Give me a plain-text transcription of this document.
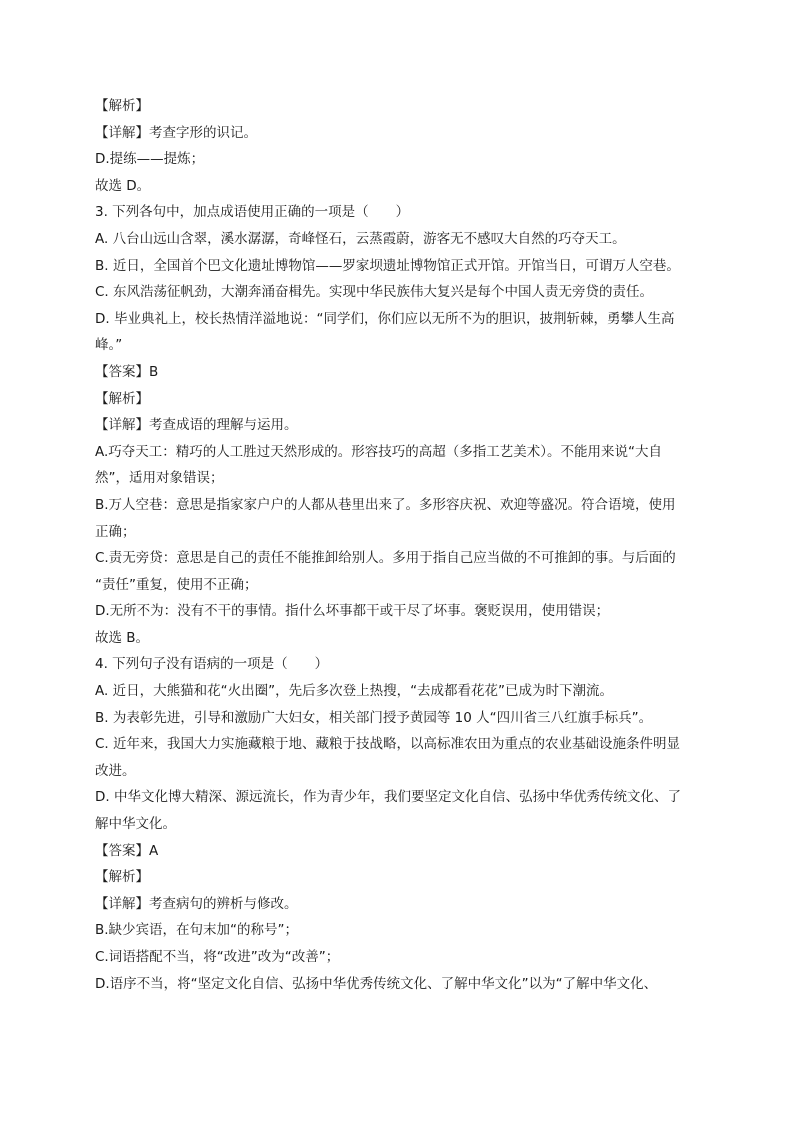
【解析】

【详解】考查字形的识记。

D.提练——提炼；

故选 D。

3. 下列各句中，加点成语使用正确的一项是（　　）

A. 八台山远山含翠，溪水潺潺，奇峰怪石，云蒸霞蔚，游客无不感叹大自然的巧夺天工。

B. 近日，全国首个巴文化遗址博物馆——罗家坝遗址博物馆正式开馆。开馆当日，可谓万人空巷。

C. 东风浩荡征帆劲，大潮奔涌奋楫先。实现中华民族伟大复兴是每个中国人责无旁贷的责任。

D. 毕业典礼上，校长热情洋溢地说：“同学们，你们应以无所不为的胆识，披荆斩棘，勇攀人生高

峰。”

【答案】B

【解析】

【详解】考查成语的理解与运用。

A.巧夺天工：精巧的人工胜过天然形成的。形容技巧的高超（多指工艺美术）。不能用来说“大自

然”，适用对象错误；

B.万人空巷：意思是指家家户户的人都从巷里出来了。多形容庆祝、欢迎等盛况。符合语境，使用

正确；

C.责无旁贷：意思是自己的责任不能推卸给别人。多用于指自己应当做的不可推卸的事。与后面的

“责任”重复，使用不正确；

D.无所不为：没有不干的事情。指什么坏事都干或干尽了坏事。褒贬误用，使用错误；

故选 B。

4. 下列句子没有语病的一项是（　　）

A. 近日，大熊猫和花“火出圈”，先后多次登上热搜，“去成都看花花”已成为时下潮流。

B. 为表彰先进，引导和激励广大妇女，相关部门授予黄园等 10 人“四川省三八红旗手标兵”。

C. 近年来，我国大力实施藏粮于地、藏粮于技战略，以高标准农田为重点的农业基础设施条件明显

改进。

D. 中华文化博大精深、源远流长，作为青少年，我们要坚定文化自信、弘扬中华优秀传统文化、了

解中华文化。

【答案】A

【解析】

【详解】考查病句的辨析与修改。

B.缺少宾语，在句末加“的称号”；

C.词语搭配不当，将“改进”改为“改善”；

D.语序不当，将“坚定文化自信、弘扬中华优秀传统文化、了解中华文化”以为“了解中华文化、
